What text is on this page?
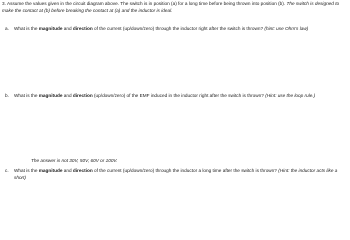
3. Assume the values given in the circuit diagram above. The switch is in position (a) for a long time before being thrown into position (b). The switch is designed to make the contact at (b) before breaking the contact at (a) and the inductor is ideal.
a. What is the magnitude and direction of the current (up/down/zero) through the inductor right after the switch is thrown? (hint: use Ohm's law)
b. What is the magnitude and direction (up/down/zero) of the EMF induced in the inductor right after the switch is thrown? (Hint: use the loop rule.)
The answer is not 30V, 50V, 60V or 100V.
c. What is the magnitude and direction of the current (up/down/zero) through the inductor a long time after the switch is thrown? (Hint: the inductor acts like a short)
